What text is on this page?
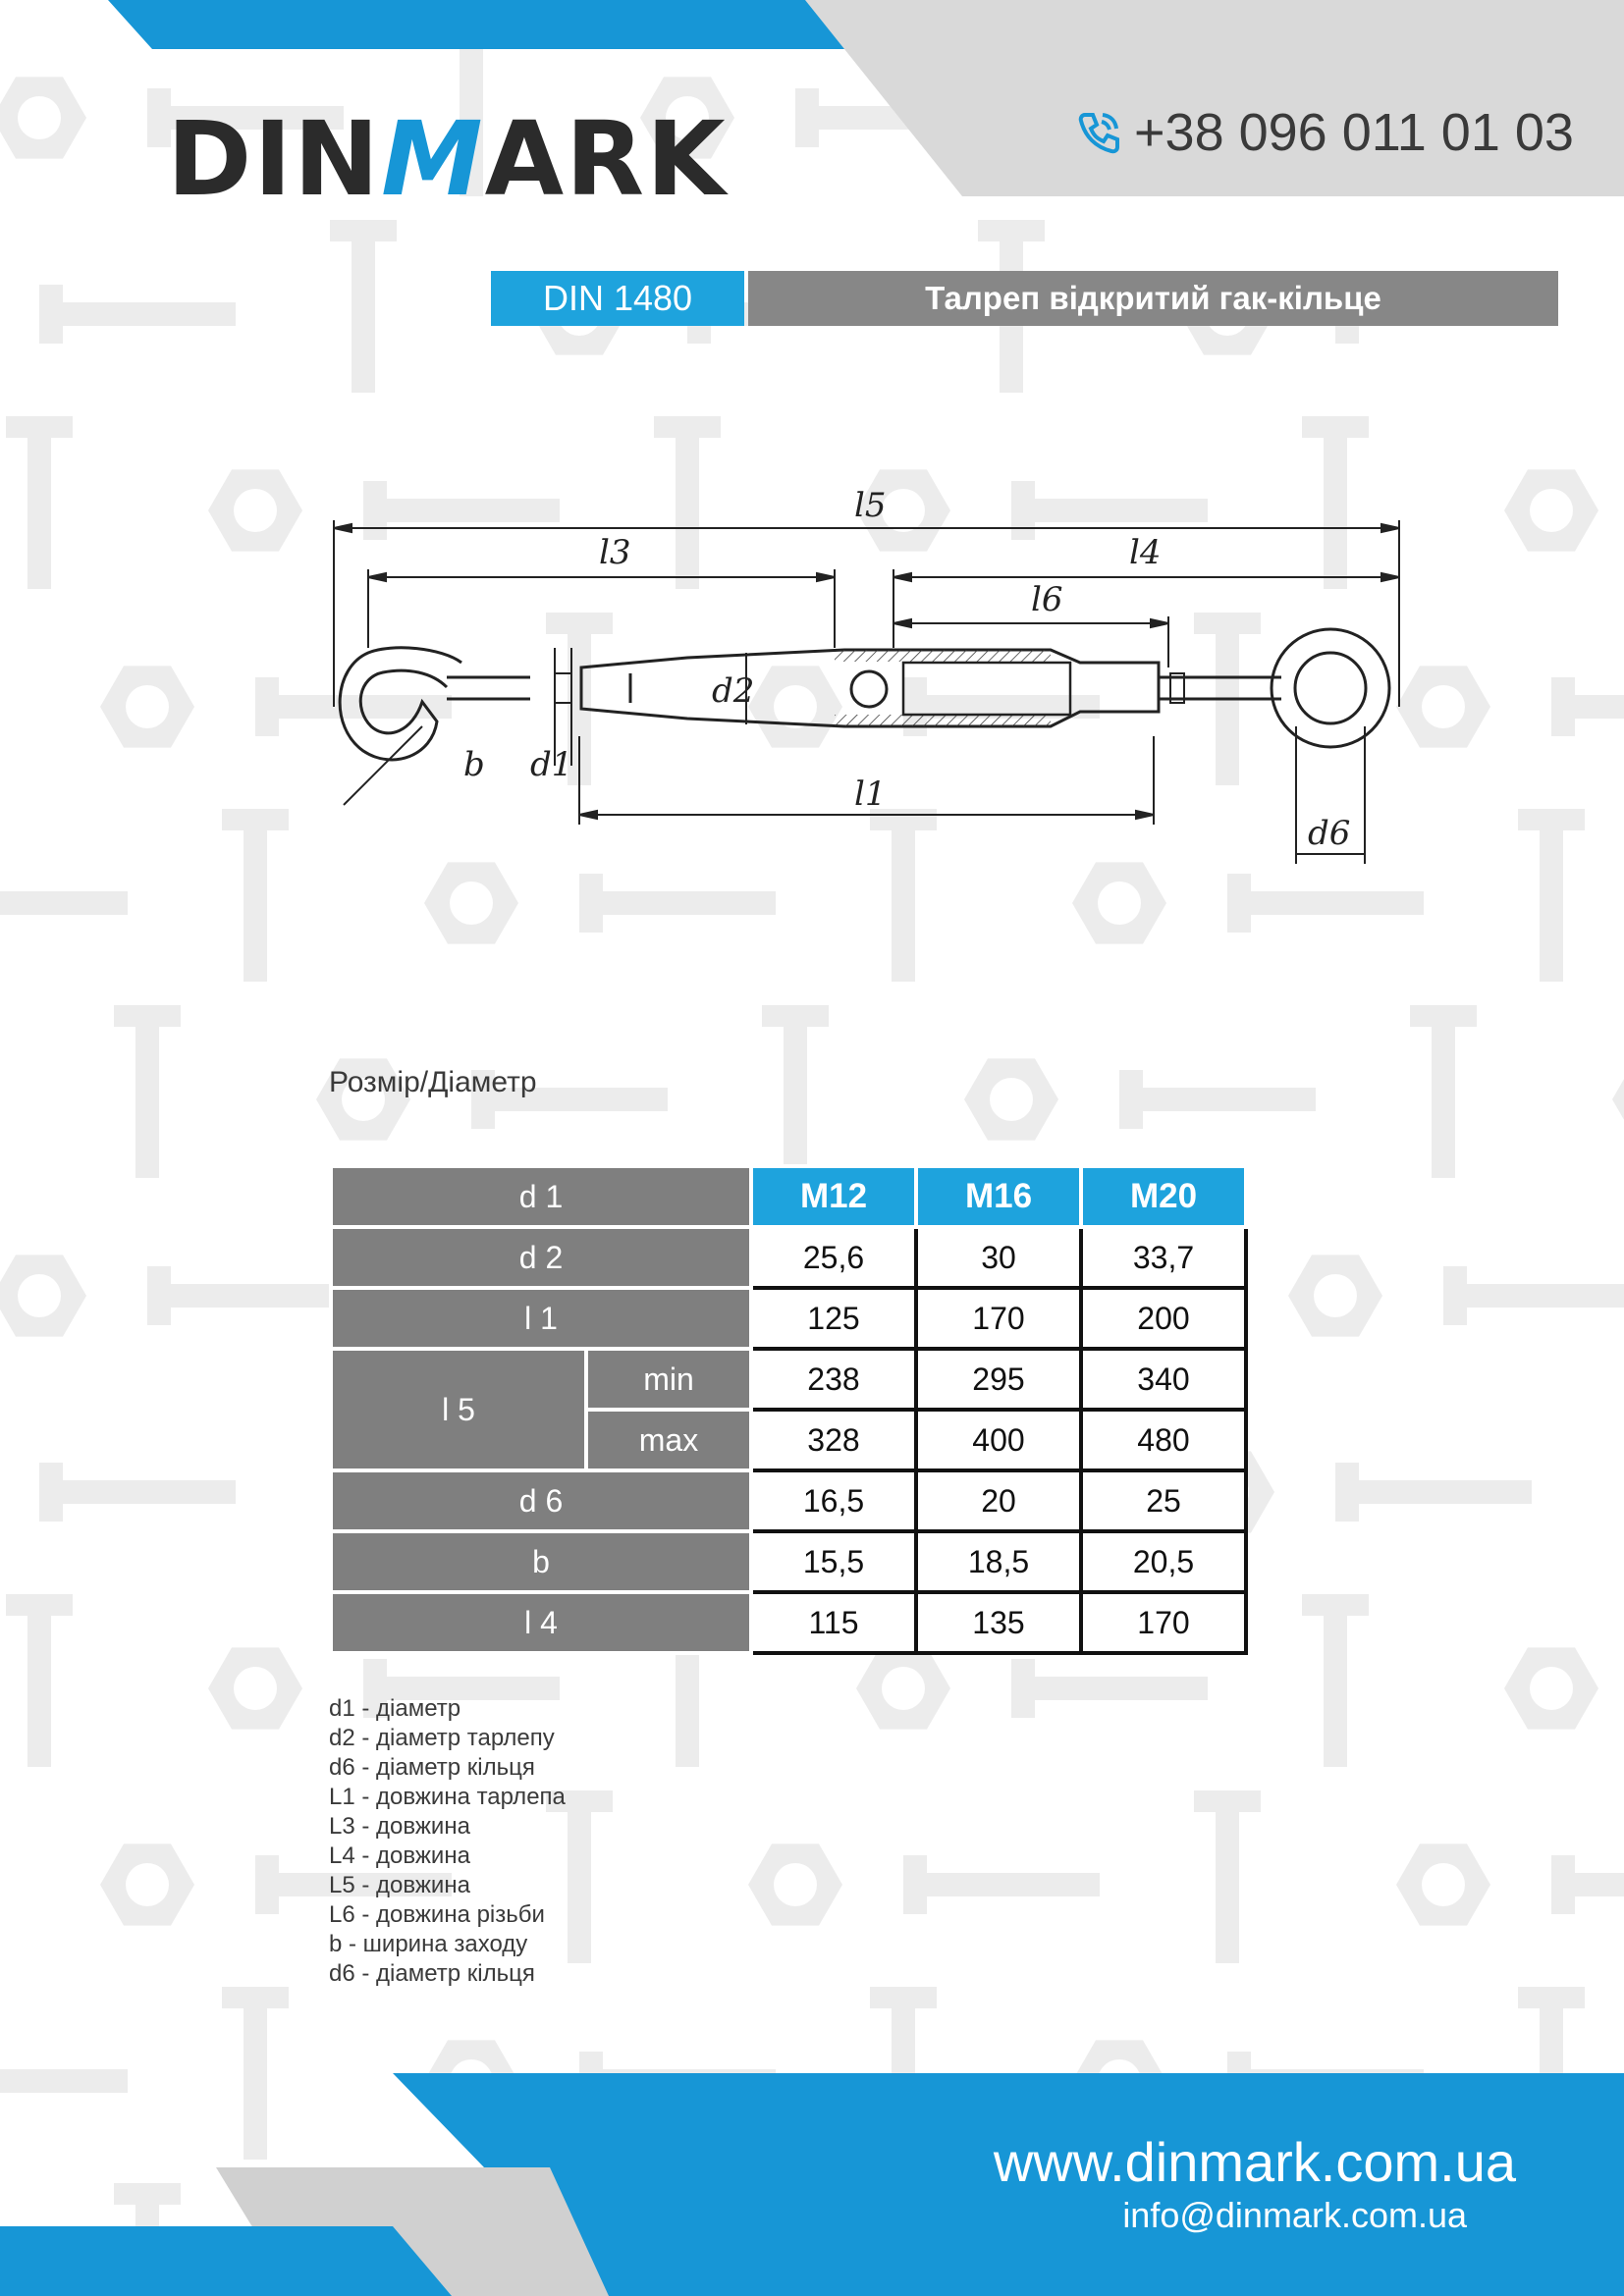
DINMARK	+38 096 011 01 03
DIN 1480	Талреп відкритий гак-кільце
l5
l3	l4
l6
d2
d1
b
l1
d6
Розмір/Діаметр
d 1		M12	M16	M20
d 2		25,6	30	33,7
l 1		125	170	200
l 5	min	238	295	340
	max	328	400	480
d 6		16,5	20	25
b		15,5	18,5	20,5
l 4		115	135	170
d1 - діаметр
d2 - діаметр тарлепу
d6 - діаметр кільця
L1 - довжина тарлепа
L3 - довжина
L4 - довжина
L5 - довжина
L6 - довжина різьби
b - ширина заходу
d6 - діаметр кільця
www.dinmark.com.ua
info@dinmark.com.ua
